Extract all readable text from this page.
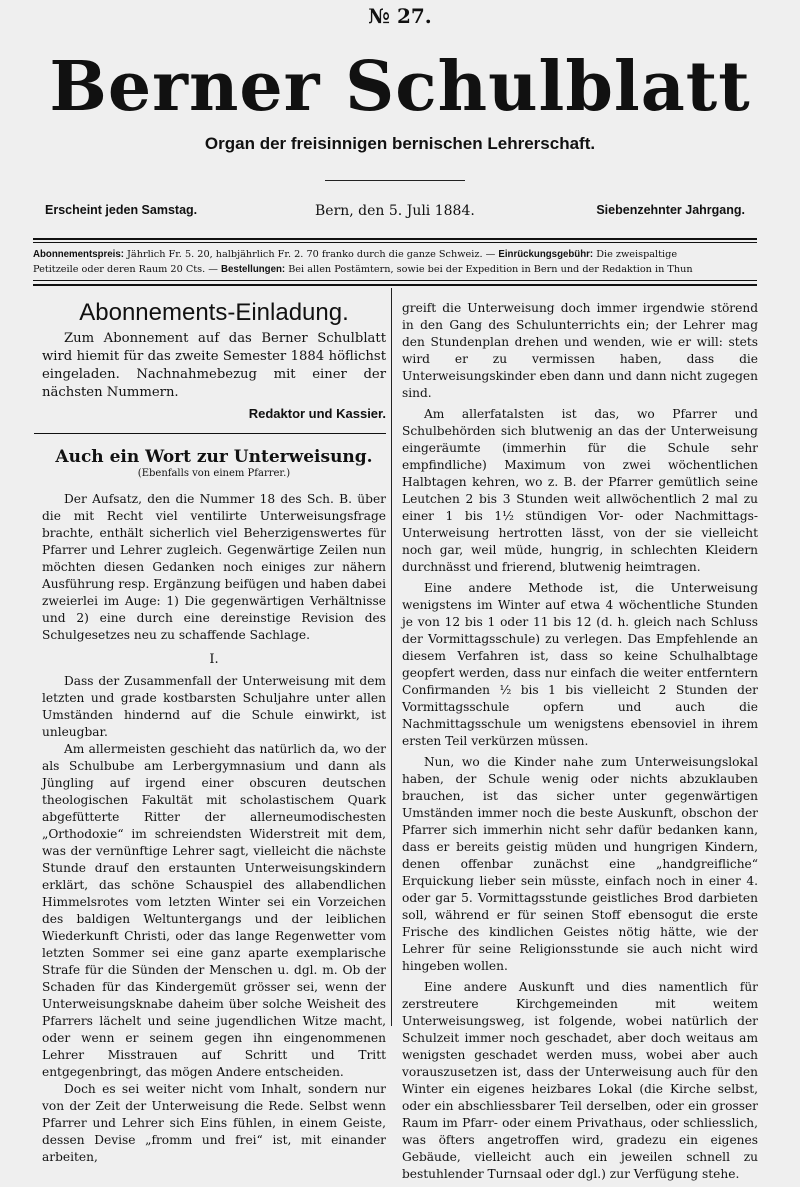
№ 27.
Berner Schulblatt
Organ der freisinnigen bernischen Lehrerschaft.
Erscheint jeden Samstag.	Bern, den 5. Juli 1884.	Siebenzehnter Jahrgang.

Abonnementspreis: Jährlich Fr. 5. 20, halbjährlich Fr. 2. 70 franko durch die ganze Schweiz. — Einrückungsgebühr: Die zweispaltige

Petitzeile oder deren Raum 20 Cts. — Bestellungen: Bei allen Postämtern, sowie bei der Expedition in Bern und der Redaktion in Thun

Abonnements-Einladung.

Zum Abonnement auf das Berner Schulblatt wird hiemit für das zweite Semester 1884 höflichst eingeladen. Nachnahmebezug mit einer der nächsten Nummern.

Redaktor und Kassier.

Auch ein Wort zur Unterweisung.

(Ebenfalls von einem Pfarrer.)

Der Aufsatz, den die Nummer 18 des Sch. B. über die mit Recht viel ventilirte Unterweisungsfrage brachte, enthält sicherlich viel Beherzigenswertes für Pfarrer und Lehrer zugleich. Gegenwärtige Zeilen nun möchten diesen Gedanken noch einiges zur nähern Ausführung resp. Ergänzung beifügen und haben dabei zweierlei im Auge: 1) Die gegenwärtigen Verhältnisse und 2) eine durch eine dereinstige Revision des Schulgesetzes neu zu schaffende Sachlage.

I.

Dass der Zusammenfall der Unterweisung mit dem letzten und grade kostbarsten Schuljahre unter allen Umständen hindernd auf die Schule einwirkt, ist unleugbar.

Am allermeisten geschieht das natürlich da, wo der als Schulbube am Lerbergymnasium und dann als Jüngling auf irgend einer obscuren deutschen theologischen Fakultät mit scholastischem Quark abgefütterte Ritter der allerneumodischesten „Orthodoxie“ im schreiendsten Widerstreit mit dem, was der vernünftige Lehrer sagt, vielleicht die nächste Stunde drauf den erstaunten Unterweisungskindern erklärt, das schöne Schauspiel des allabendlichen Himmelsrotes vom letzten Winter sei ein Vorzeichen des baldigen Weltuntergangs und der leiblichen Wiederkunft Christi, oder das lange Regenwetter vom letzten Sommer sei eine ganz aparte exemplarische Strafe für die Sünden der Menschen u. dgl. m. Ob der Schaden für das Kindergemüt grösser sei, wenn der Unterweisungsknabe daheim über solche Weisheit des Pfarrers lächelt und seine jugendlichen Witze macht, oder wenn er seinem gegen ihn eingenommenen Lehrer Misstrauen auf Schritt und Tritt entgegenbringt, das mögen Andere entscheiden.

Doch es sei weiter nicht vom Inhalt, sondern nur von der Zeit der Unterweisung die Rede. Selbst wenn Pfarrer und Lehrer sich Eins fühlen, in einem Geiste, dessen Devise „fromm und frei“ ist, mit einander arbeiten,

greift die Unterweisung doch immer irgendwie störend in den Gang des Schulunterrichts ein; der Lehrer mag den Stundenplan drehen und wenden, wie er will: stets wird er zu vermissen haben, dass die Unterweisungskinder eben dann und dann nicht zugegen sind.

Am allerfatalsten ist das, wo Pfarrer und Schulbehörden sich blutwenig an das der Unterweisung eingeräumte (immerhin für die Schule sehr empfindliche) Maximum von zwei wöchentlichen Halbtagen kehren, wo z. B. der Pfarrer gemütlich seine Leutchen 2 bis 3 Stunden weit allwöchentlich 2 mal zu einer 1 bis 1½ stündigen Vor- oder Nachmittags-Unterweisung hertrotten lässt, von der sie vielleicht noch gar, weil müde, hungrig, in schlechten Kleidern durchnässt und frierend, blutwenig heimtragen.

Eine andere Methode ist, die Unterweisung wenigstens im Winter auf etwa 4 wöchentliche Stunden je von 12 bis 1 oder 11 bis 12 (d. h. gleich nach Schluss der Vormittagsschule) zu verlegen. Das Empfehlende an diesem Verfahren ist, dass so keine Schulhalbtage geopfert werden, dass nur einfach die weiter entferntern Confirmanden ½ bis 1 bis vielleicht 2 Stunden der Vormittagsschule opfern und auch die Nachmittagsschule um wenigstens ebensoviel in ihrem ersten Teil verkürzen müssen.

Nun, wo die Kinder nahe zum Unterweisungslokal haben, der Schule wenig oder nichts abzuklauben brauchen, ist das sicher unter gegenwärtigen Umständen immer noch die beste Auskunft, obschon der Pfarrer sich immerhin nicht sehr dafür bedanken kann, dass er bereits geistig müden und hungrigen Kindern, denen offenbar zunächst eine „handgreifliche“ Erquickung lieber sein müsste, einfach noch in einer 4. oder gar 5. Vormittagsstunde geistliches Brod darbieten soll, während er für seinen Stoff ebensogut die erste Frische des kindlichen Geistes nötig hätte, wie der Lehrer für seine Religionsstunde sie auch nicht wird hingeben wollen.

Eine andere Auskunft und dies namentlich für zerstreutere Kirchgemeinden mit weitem Unterweisungsweg, ist folgende, wobei natürlich der Schulzeit immer noch geschadet, aber doch weitaus am wenigsten geschadet werden muss, wobei aber auch vorauszusetzen ist, dass der Unterweisung auch für den Winter ein eigenes heizbares Lokal (die Kirche selbst, oder ein abschliessbarer Teil derselben, oder ein grosser Raum im Pfarr- oder einem Privathaus, oder schliesslich, was öfters angetroffen wird, gradezu ein eigenes Gebäude, vielleicht auch ein jeweilen schnell zu bestuhlender Turnsaal oder dgl.) zur Verfügung stehe.
